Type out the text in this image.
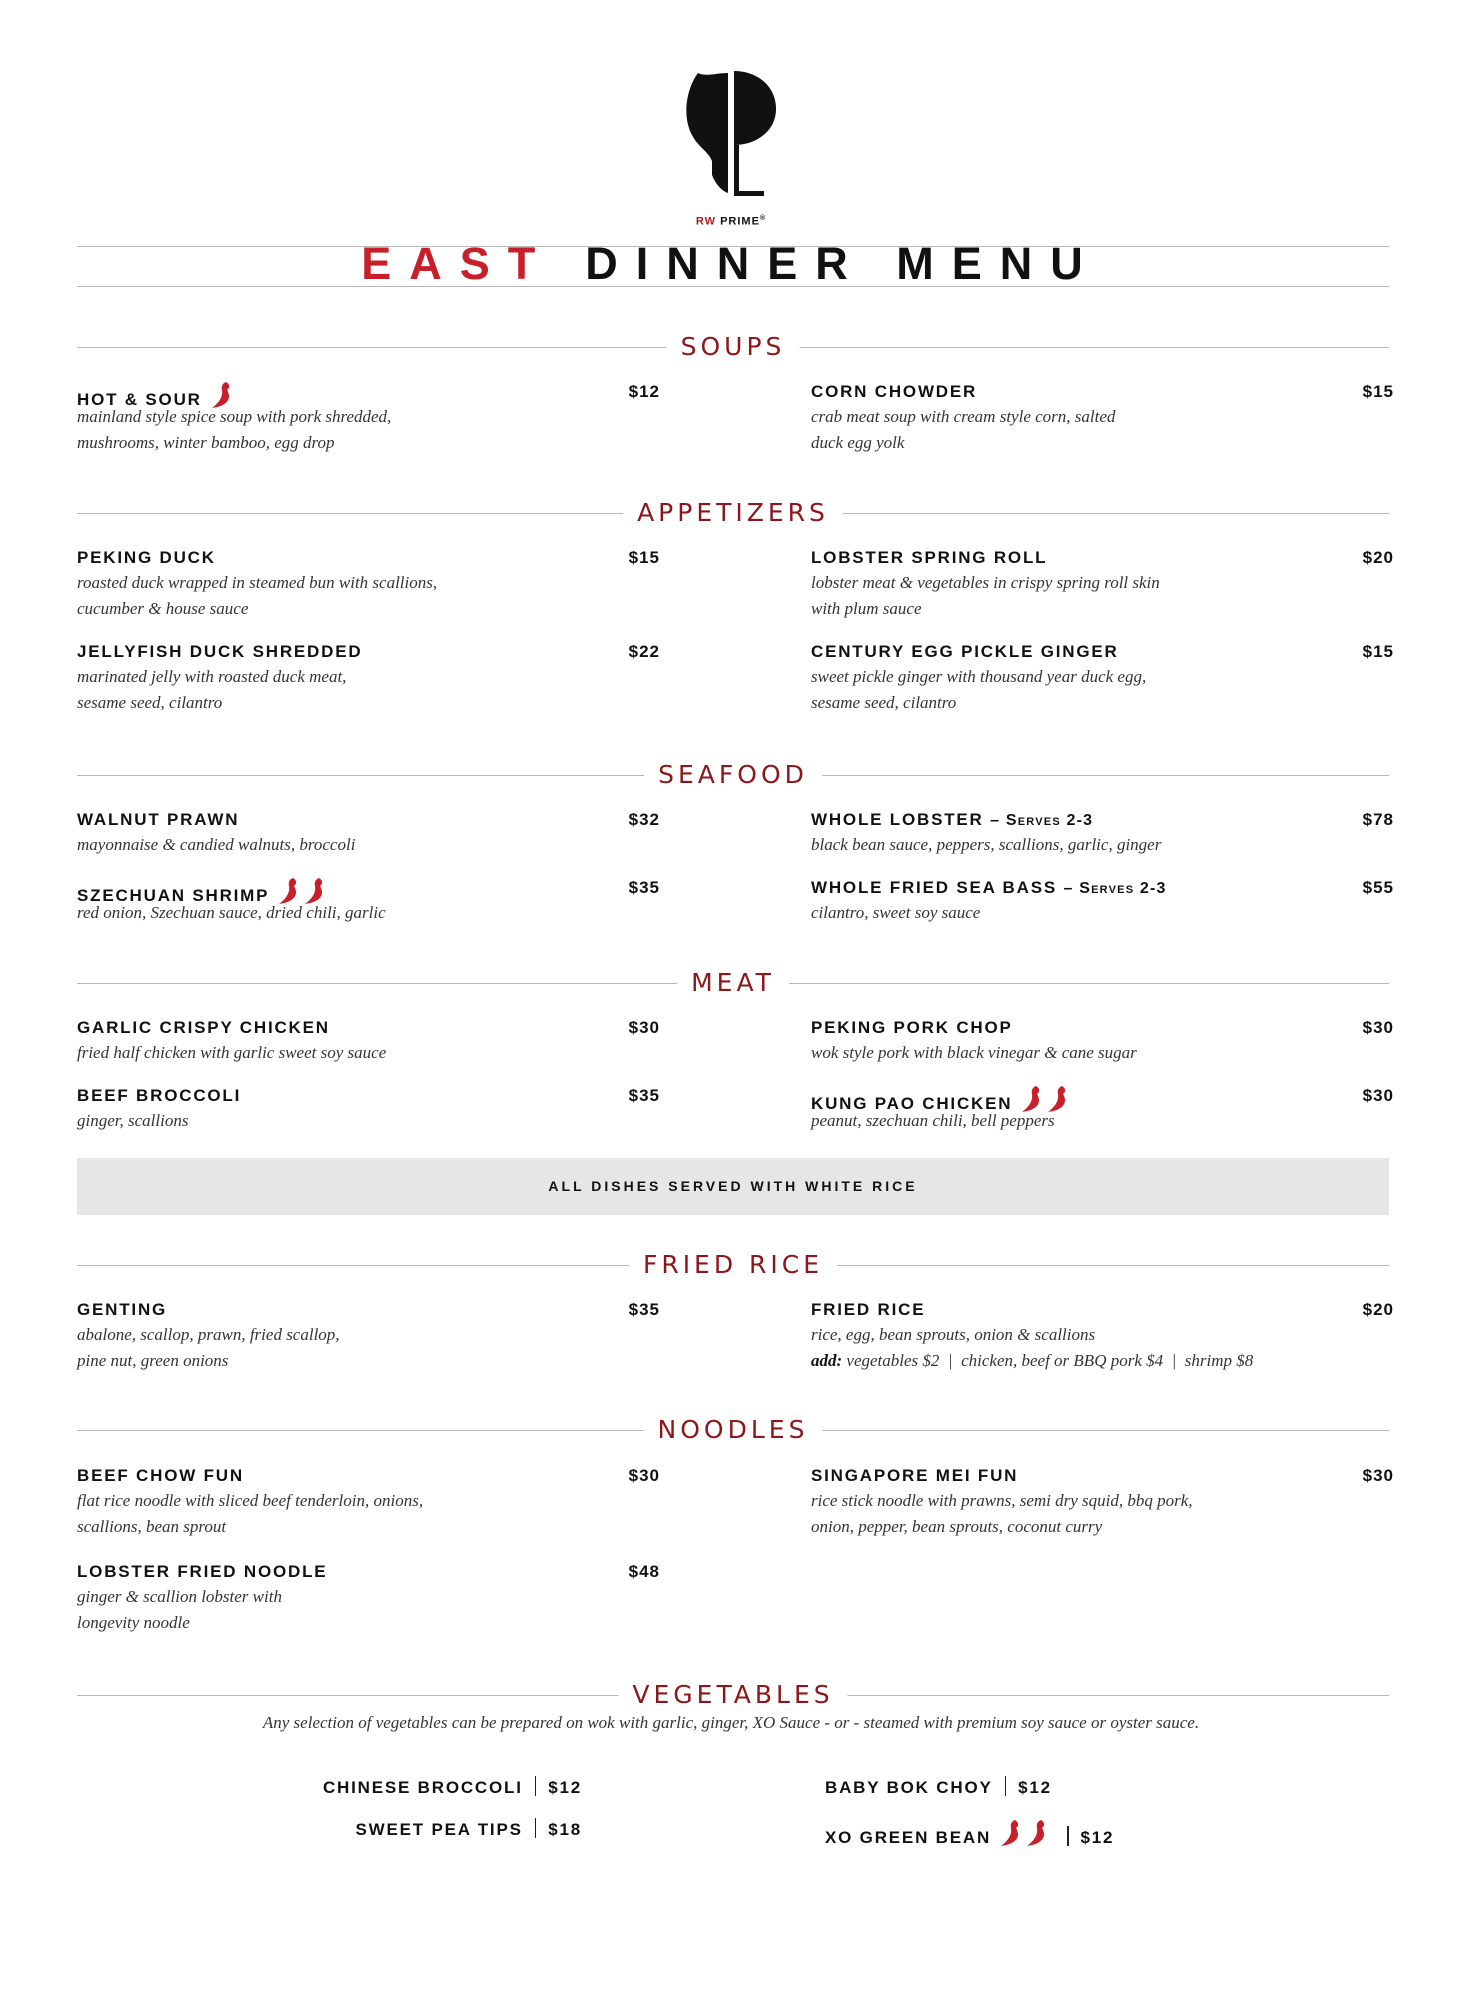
RW PRIME®
EAST DINNER MENU
SOUPS
HOT & SOUR	$12
mainland style spice soup with pork shredded,
mushrooms, winter bamboo, egg drop
CORN CHOWDER	$15
crab meat soup with cream style corn, salted
duck egg yolk
APPETIZERS
PEKING DUCK	$15
roasted duck wrapped in steamed bun with scallions,
cucumber & house sauce
JELLYFISH DUCK SHREDDED	$22
marinated jelly with roasted duck meat,
sesame seed, cilantro
LOBSTER SPRING ROLL	$20
lobster meat & vegetables in crispy spring roll skin
with plum sauce
CENTURY EGG PICKLE GINGER	$15
sweet pickle ginger with thousand year duck egg,
sesame seed, cilantro
SEAFOOD
WALNUT PRAWN	$32
mayonnaise & candied walnuts, broccoli
SZECHUAN SHRIMP	$35
red onion, Szechuan sauce, dried chili, garlic
WHOLE LOBSTER – Serves 2-3	$78
black bean sauce, peppers, scallions, garlic, ginger
WHOLE FRIED SEA BASS – Serves 2-3	$55
cilantro, sweet soy sauce
MEAT
GARLIC CRISPY CHICKEN	$30
fried half chicken with garlic sweet soy sauce
BEEF BROCCOLI	$35
ginger, scallions
PEKING PORK CHOP	$30
wok style pork with black vinegar & cane sugar
KUNG PAO CHICKEN	$30
peanut, szechuan chili, bell peppers
FRIED RICE
GENTING	$35
abalone, scallop, prawn, fried scallop,
pine nut, green onions
FRIED RICE	$20
rice, egg, bean sprouts, onion & scallions
add: vegetables $2  |  chicken, beef or BBQ pork $4  |  shrimp $8
NOODLES
BEEF CHOW FUN	$30
flat rice noodle with sliced beef tenderloin, onions,
scallions, bean sprout
LOBSTER FRIED NOODLE	$48
ginger & scallion lobster with
longevity noodle
SINGAPORE MEI FUN	$30
rice stick noodle with prawns, semi dry squid, bbq pork,
onion, pepper, bean sprouts, coconut curry
VEGETABLES
ALL DISHES SERVED WITH WHITE RICE
Any selection of vegetables can be prepared on wok with garlic, ginger, XO Sauce - or - steamed with premium soy sauce or oyster sauce.
CHINESE BROCCOLI $12
SWEET PEA TIPS $18
BABY BOK CHOY $12
XO GREEN BEAN	$12
